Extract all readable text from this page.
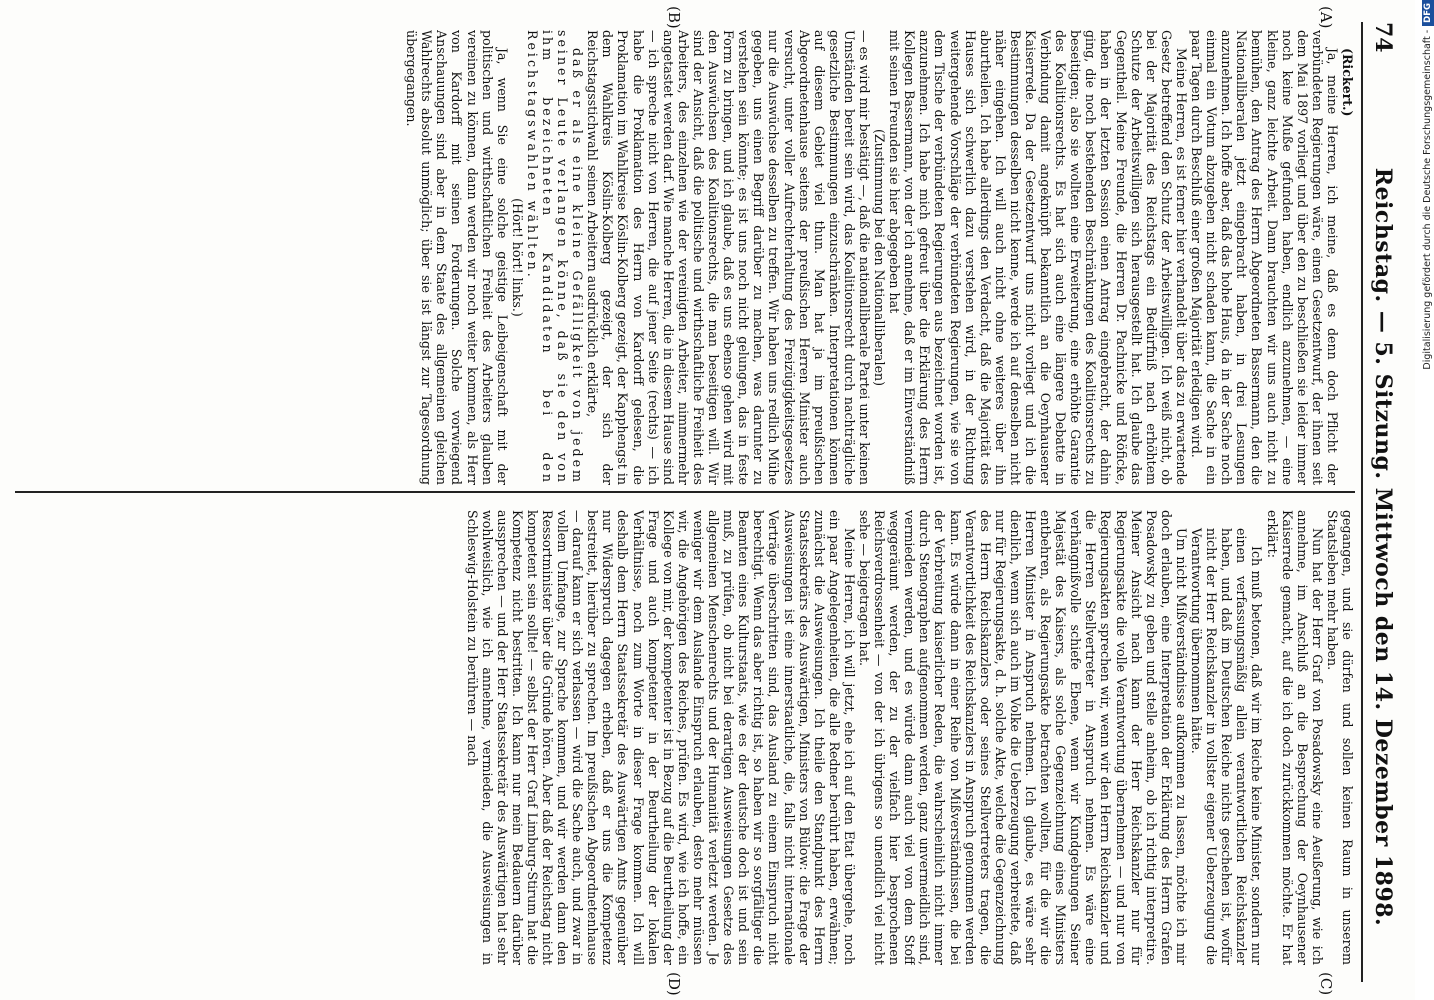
74
Reichstag. — 5. Sitzung. Mittwoch den 14. Dezember 1898.
(A)
(B)
(C)
(D)

(Rickert.)

Ja, meine Herren, ich meine, daß es denn doch Pflicht der verbündeten Regierungen wäre, einen Gesetzentwurf, der ihnen seit dem Mai 1897 vorliegt und über den zu beschließen sie leider immer noch keine Muße gefunden haben, endlich anzunehmen, — eine kleine, ganz leichte Arbeit. Dann brauchten wir uns auch nicht zu bemühen, den Antrag des Herrn Abgeordneten Bassermann, den die Nationalliberalen jetzt eingebracht haben, in drei Lesungen anzunehmen. Ich hoffe aber, daß das hohe Haus, da in der Sache noch einmal ein Votum abzugeben nicht schaden kann, die Sache in ein paar Tagen durch Beschluß einer großen Majorität erledigen wird.

Meine Herren, es ist ferner hier verhandelt über das zu erwartende Gesetz betreffend den Schutz der Arbeitswilligen. Ich weiß nicht, ob bei der Majorität des Reichstags ein Bedürfniß nach erhöhtem Schutze der Arbeitswilligen sich herausgestellt hat. Ich glaube das Gegentheil. Meine Freunde, die Herren Dr. Pachnicke und Röficke, haben in der letzten Session einen Antrag eingebracht, der dahin ging, die noch bestehenden Beschränkungen des Koalitionsrechts zu beseitigen; also sie wollten eine Erweiterung, eine erhöhte Garantie des Koalitionsrechts. Es hat sich auch eine längere Debatte in Verbindung damit angeknüpft bekanntlich an die Oeynhausener Kaiserrede. Da der Gesetzentwurf uns nicht vorliegt und ich die Bestimmungen desselben nicht kenne, werde ich auf denselben nicht näher eingehen. Ich will auch nicht ohne weiteres über ihn aburtheilen. Ich habe allerdings den Verdacht, daß die Majorität des Hauses sich schwerlich dazu verstehen wird, in der Richtung weitergehende Vorschläge der verbündeten Regierungen, wie sie von dem Tische der verbündeten Regierungen aus bezeichnet worden ist, anzunehmen. Ich habe mich gefreut über die Erklärung des Herrn Kollegen Bassermann, von der ich annehme, daß er im Einverständniß mit seinen Freunden sie hier abgegeben hat

(Zustimmung bei den Nationalliberalen)

— es wird mir bestätigt —, daß die nationalliberale Partei unter keinen Umständen bereit sein wird, das Koalitionsrecht durch nachträgliche gesetzliche Bestimmungen einzuschränken. Interpretationen können auf diesem Gebiet viel thun. Man hat ja im preußischen Abgeordnetenhause seitens der preußischen Herren Minister auch versucht, unter voller Aufrechterhaltung des Freizügigkeitsgesetzes nur die Auswüchse desselben zu treffen. Wir haben uns redlich Mühe gegeben, uns einen Begriff darüber zu machen, was darunter zu verstehen sein könnte; es ist uns noch nicht gelungen, das in feste Form zu bringen, und ich glaube, daß es uns ebenso gehen wird mit den Auswüchsen des Koalitionsrechts, die man beseitigen will. Wir sind der Ansicht, daß die politische und wirthschaftliche Freiheit des Arbeiters, des einzelnen wie der vereinigten Arbeiter, nimmermehr angetastet werden darf. Wie manche Herren, die in diesem Hause sind — ich spreche nicht von Herren, die auf jener Seite (rechts) — ich habe die Proklamation des Herrn von Kardorff gelesen, die Proklamation im Wahlkreise Köslin-Kolberg gezeigt, der Kapphengst in dem Wahlkreis Köslin-Kolberg gezeigt, der sich der Reichstagsstichwahl seinen Arbeitern ausdrücklich erklärte,

daß er als eine kleine Gefälligkeit von jedem seiner Leute verlangen könne, daß sie den von ihm bezeichneten Kandidaten bei den Reichstagswahlen wählten.

(Hört! hört! links.)

Ja, wenn Sie eine solche geistige Leibeigenschaft mit der politischen und wirthschaftlichen Freiheit des Arbeiters glauben vereinen zu können, dann werden wir noch weiter kommen, als Herr von Kardorff mit seinen Forderungen. Solche vorwiegend Anschauungen sind aber in dem Staate des allgemeinen gleichen Wahlrechts absolut unmöglich; über sie ist längst zur Tagesordnung übergegangen.

gegangen, und sie dürfen und sollen keinen Raum in unserem Staatsleben mehr haben.

Nun hat der Herr Graf von Posadowsky eine Aeußerung, wie ich annehme, im Anschluß an die Besprechung der Oeynhausener Kaiserrede gemacht, auf die ich doch zurückkommen möchte. Er hat erklärt:

Ich muß betonen, daß wir im Reiche keine Minister, sondern nur einen verfassungsmäßig allein verantwortlichen Reichskanzler haben, und daß im Deutschen Reiche nichts geschehen ist, wofür nicht der Herr Reichskanzler in vollster eigener Ueberzeugung die Verantwortung übernommen hätte.

Um nicht Mißverständnisse aufkommen zu lassen, möchte ich mir doch erlauben, eine Interpretation der Erklärung des Herrn Grafen Posadowsky zu geben und stelle anheim, ob ich richtig interpretire. Meiner Ansicht nach kann der Herr Reichskanzler nur für Regierungsakte die volle Verantwortung übernehmen — und nur von Regierungsakten sprechen wir, wenn wir den Herrn Reichskanzler und die Herren Stellvertreter in Anspruch nehmen. Es wäre eine verhängnißvolle schiefe Ebene, wenn wir Kundgebungen Seiner Majestät des Kaisers, als solche Gegenzeichnung eines Ministers entbehren, als Regierungsakte betrachten wollten, für die wir die Herren Minister in Anspruch nehmen. Ich glaube, es wäre sehr dienlich, wenn sich auch im Volke die Ueberzeugung verbreitete, daß nur für Regierungsakte, d. h. solche Akte, welche die Gegenzeichnung des Herrn Reichskanzlers oder seines Stellvertreters tragen, die Verantwortlichkeit des Reichskanzlers in Anspruch genommen werden kann. Es würde dann in einer Reihe von Mißverständnissen, die bei der Verbreitung kaiserlicher Reden, die wahrscheinlich nicht immer durch Stenographen aufgenommen werden, ganz unvermeidlich sind, vermieden werden, und es würde dann auch viel von dem Stoff weggeräumt werden, der zu der vielfach hier besprochenen Reichsverdrossenheit — von der ich übrigens so unendlich viel nicht sehe — beigetragen hat.

Meine Herren, ich will jetzt, ehe ich auf den Etat übergehe, noch ein paar Angelegenheiten, die alle Redner berührt haben, erwähnen; zunächst die Ausweisungen. Ich theile den Standpunkt des Herrn Staatssekretärs des Auswärtigen, Ministers von Bülow: die Frage der Ausweisungen ist eine innerstaatliche, die, falls nicht internationale Verträge überschritten sind, das Ausland zu einem Einspruch nicht berechtigt. Wenn das aber richtig ist, so haben wir so sorgfältiger die Beamten eines Kulturstaats, wie es der deutsche doch ist und sein muß, zu prüfen, ob nicht bei derartigen Ausweisungen Gesetze des allgemeinen Menschenrechts und der Humanität verletzt werden. Je weniger wir dem Auslande Einspruch erlauben, desto mehr müssen wir, die Angehörigen des Reiches, prüfen. Es wird, wie ich hoffe, ein Kollege von mir, der kompetenter ist in Bezug auf die Beurtheilung der Frage und auch kompetenter in der Beurtheilung der lokalen Verhältnisse, noch zum Worte in dieser Frage kommen. Ich will deshalb dem Herrn Staatssekretär des Auswärtigen Amts gegenüber nur Widerspruch dagegen erheben, daß er uns die Kompetenz bestreitet, hierüber zu sprechen. Im preußischen Abgeordnetenhause — darauf kann er sich verlassen — wird die Sache auch, und zwar in vollem Umfange, zur Sprache kommen, und wir werden dann den Ressortminister über die Gründe hören. Aber daß der Reichstag nicht kompetent sein sollte! — selbst der Herr Graf Limburg-Stirum hat die Kompetenz nicht bestritten. Ich kann nur mein Bedauern darüber aussprechen — und der Herr Staatssekretär des Auswärtigen hat sehr wohlweislich, wie ich annehme, vermieden, die Ausweisungen in Schleswig-Holstein zu berühren — nach

Digitalisierung gefördert durch die Deutsche Forschungsgemeinschaft -DFG
